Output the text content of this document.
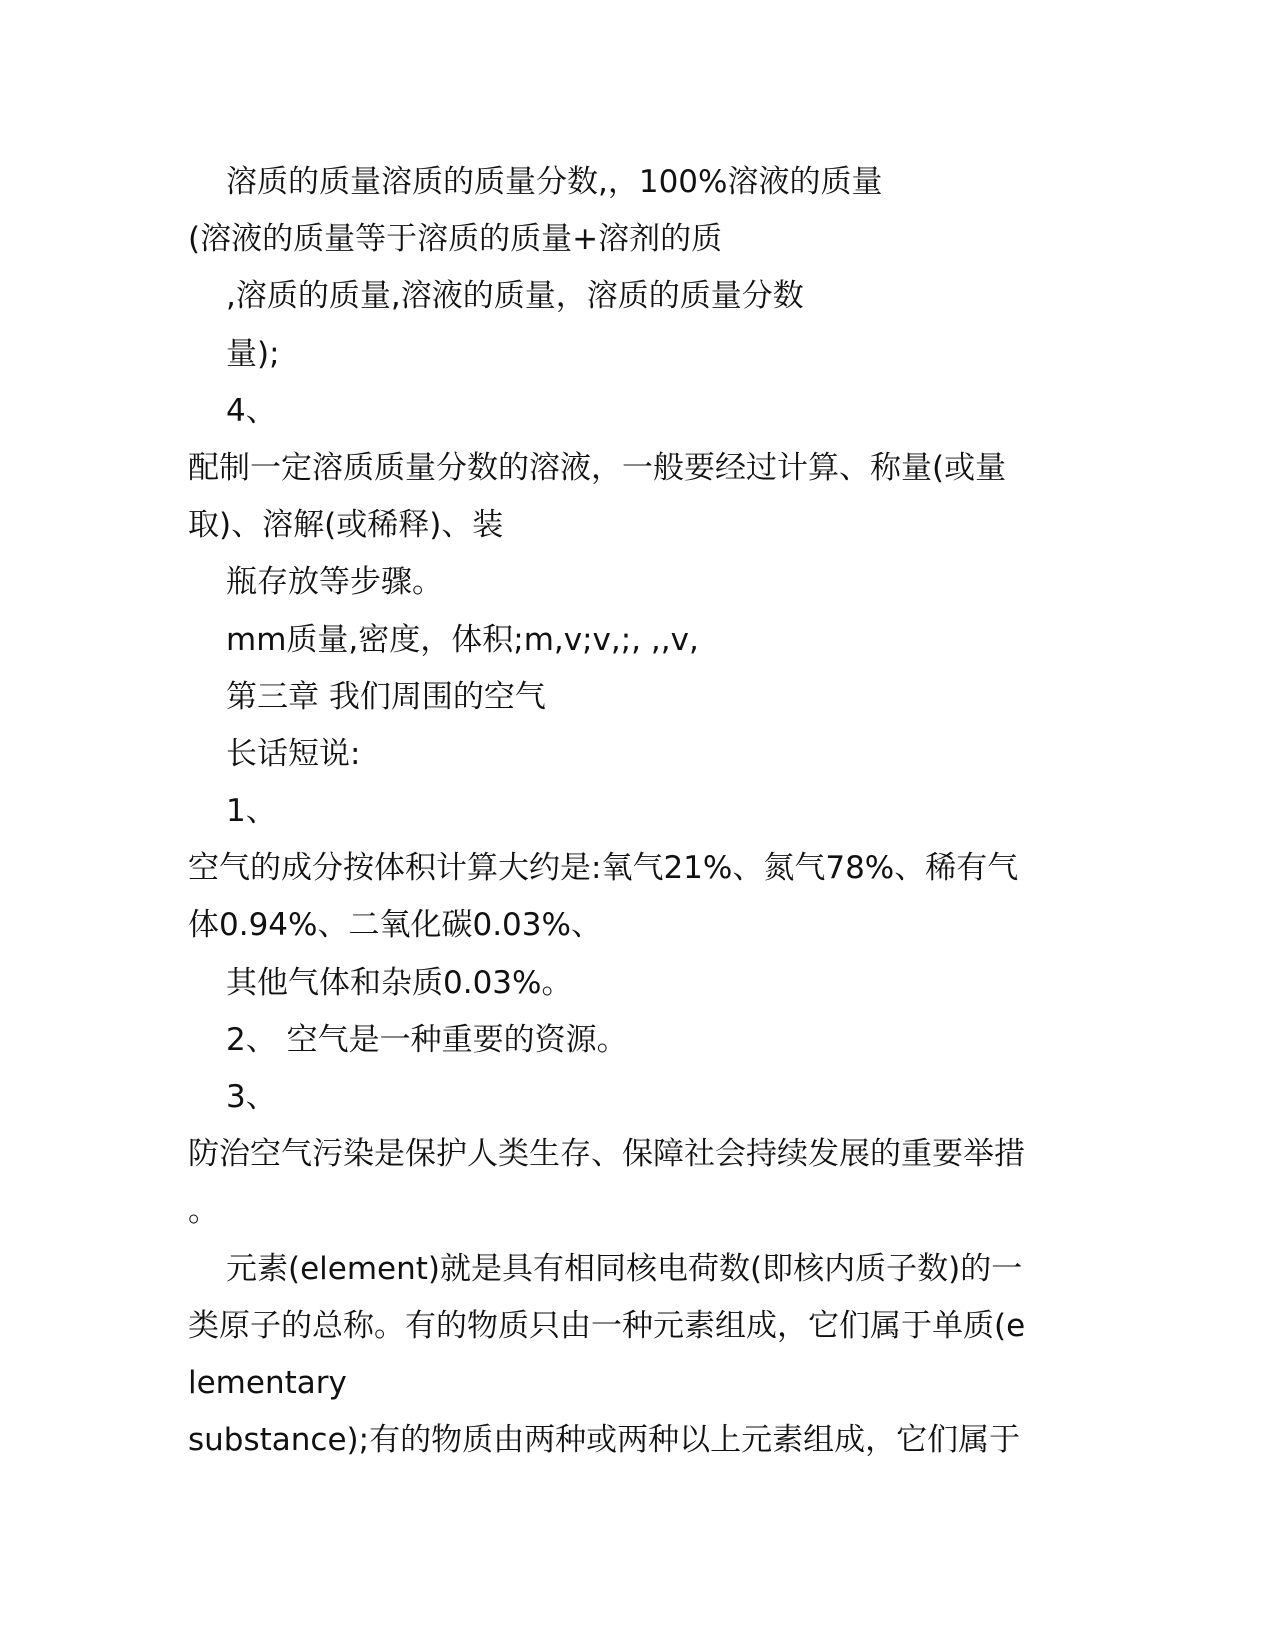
溶质的质量溶质的质量分数,，100%溶液的质量
(溶液的质量等于溶质的质量+溶剂的质
,溶质的质量,溶液的质量，溶质的质量分数
量);
4、
配制一定溶质质量分数的溶液，一般要经过计算、称量(或量
取)、溶解(或稀释)、装
瓶存放等步骤。
mm质量,密度，体积;m,v;v,;, ,,v,
第三章 我们周围的空气
长话短说:
1、
空气的成分按体积计算大约是:氧气21%、氮气78%、稀有气
体0.94%、二氧化碳0.03%、
其他气体和杂质0.03%。
2、 空气是一种重要的资源。
3、
防治空气污染是保护人类生存、保障社会持续发展的重要举措
。
元素(element)就是具有相同核电荷数(即核内质子数)的一
类原子的总称。有的物质只由一种元素组成，它们属于单质(e
lementary
substance);有的物质由两种或两种以上元素组成，它们属于
